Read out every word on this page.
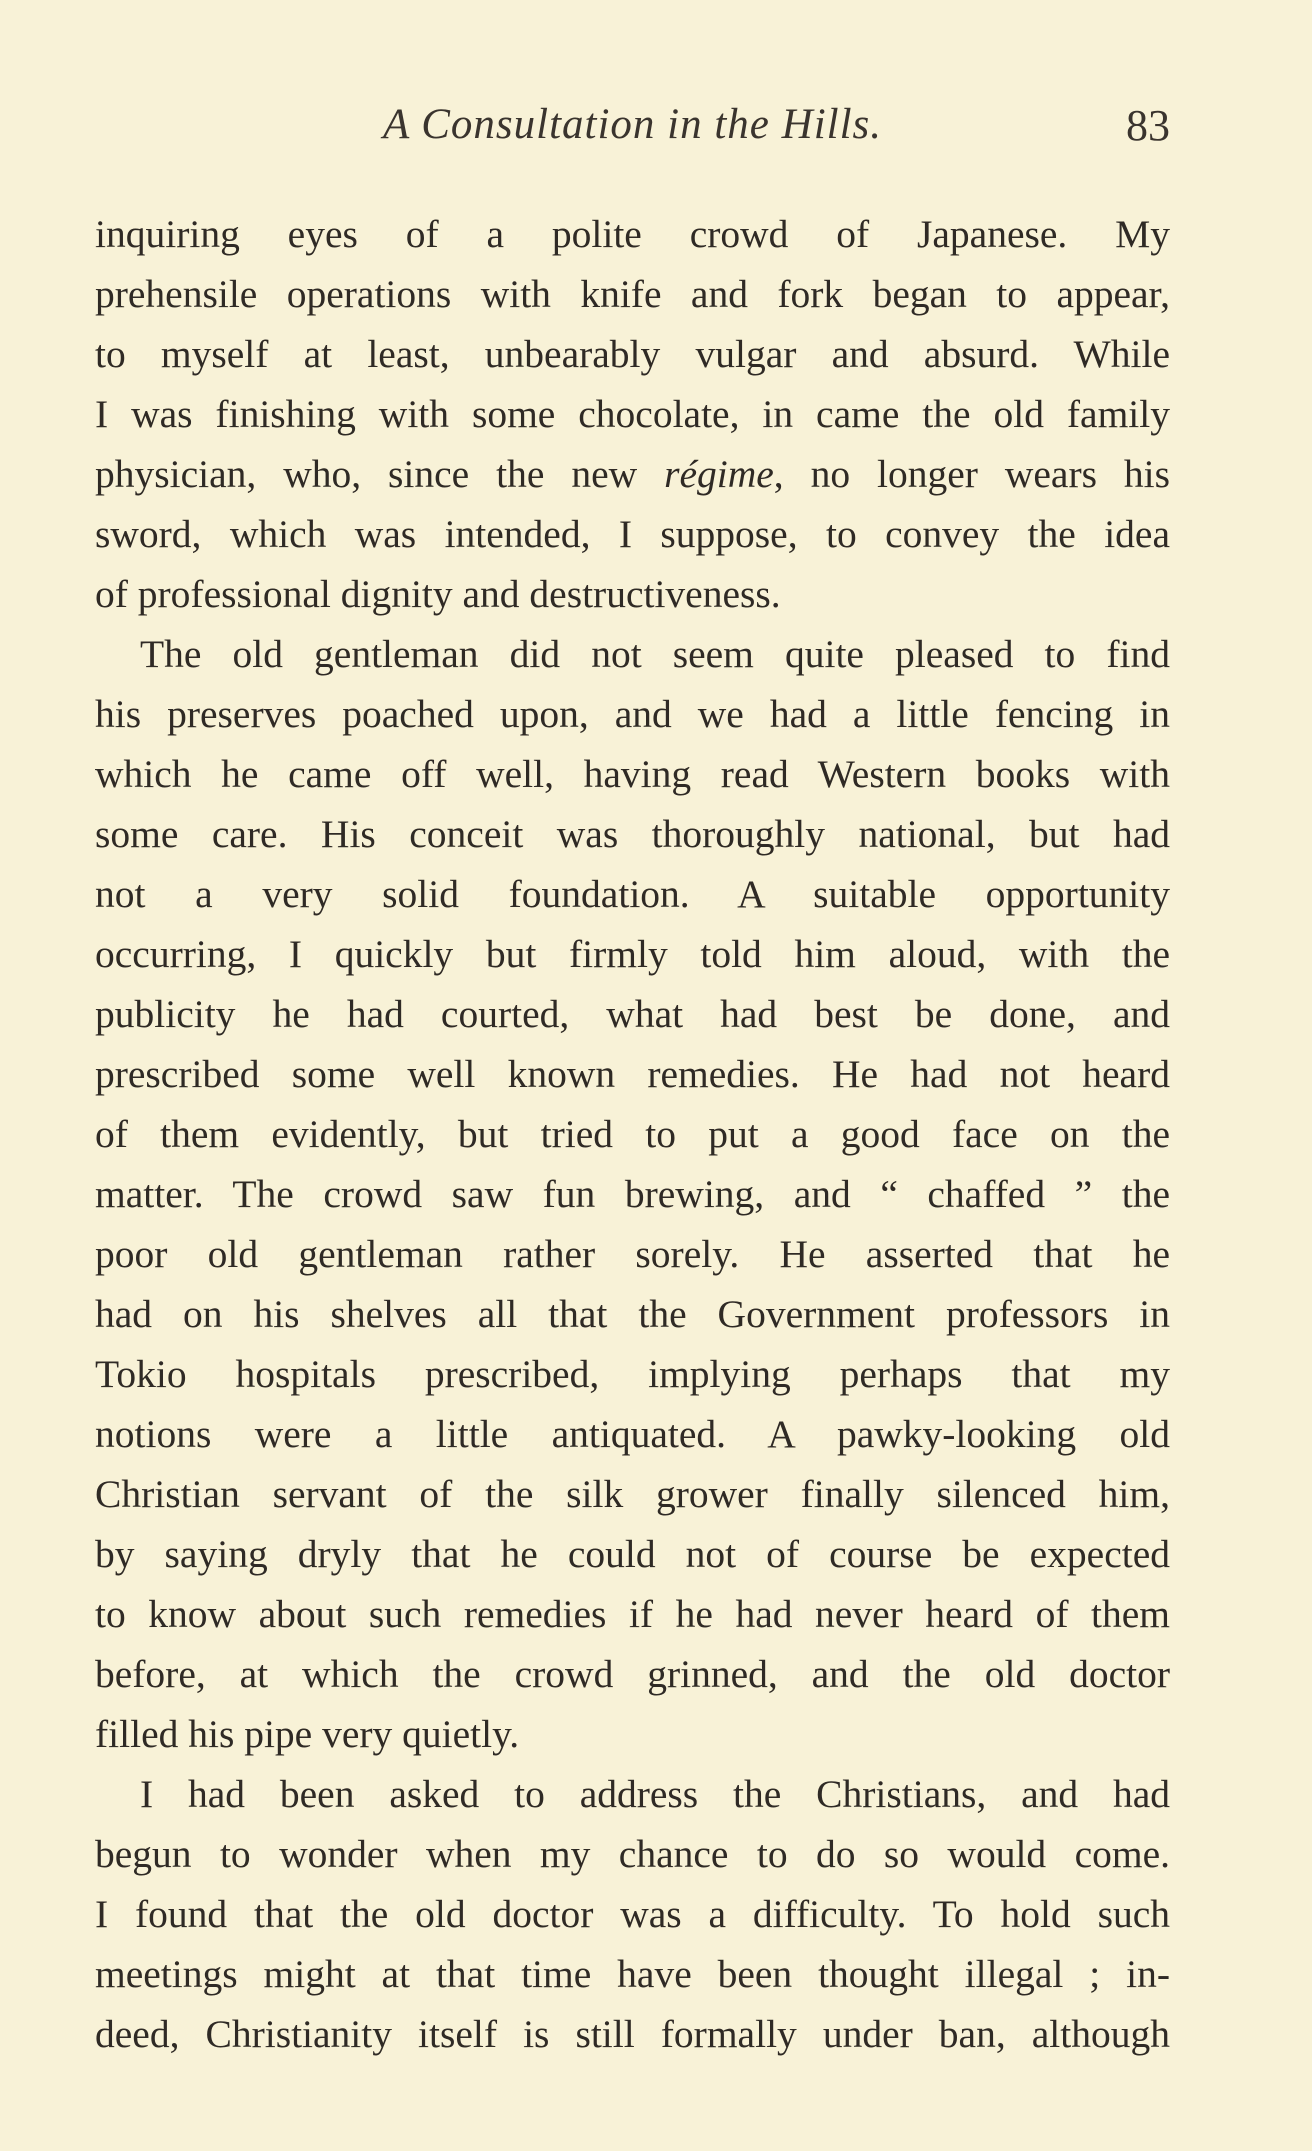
A Consultation in the Hills.	83
inquiring eyes of a polite crowd of Japanese. My
prehensile operations with knife and fork began to appear,
to myself at least, unbearably vulgar and absurd. While
I was finishing with some chocolate, in came the old family
physician, who, since the new régime, no longer wears his
sword, which was intended, I suppose, to convey the idea
of professional dignity and destructiveness.
The old gentleman did not seem quite pleased to find
his preserves poached upon, and we had a little fencing in
which he came off well, having read Western books with
some care. His conceit was thoroughly national, but had
not a very solid foundation. A suitable opportunity
occurring, I quickly but firmly told him aloud, with the
publicity he had courted, what had best be done, and
prescribed some well known remedies. He had not heard
of them evidently, but tried to put a good face on the
matter. The crowd saw fun brewing, and “ chaffed ” the
poor old gentleman rather sorely. He asserted that he
had on his shelves all that the Government professors in
Tokio hospitals prescribed, implying perhaps that my
notions were a little antiquated. A pawky-looking old
Christian servant of the silk grower finally silenced him,
by saying dryly that he could not of course be expected
to know about such remedies if he had never heard of them
before, at which the crowd grinned, and the old doctor
filled his pipe very quietly.
I had been asked to address the Christians, and had
begun to wonder when my chance to do so would come.
I found that the old doctor was a difficulty. To hold such
meetings might at that time have been thought illegal ; in-
deed, Christianity itself is still formally under ban, although
